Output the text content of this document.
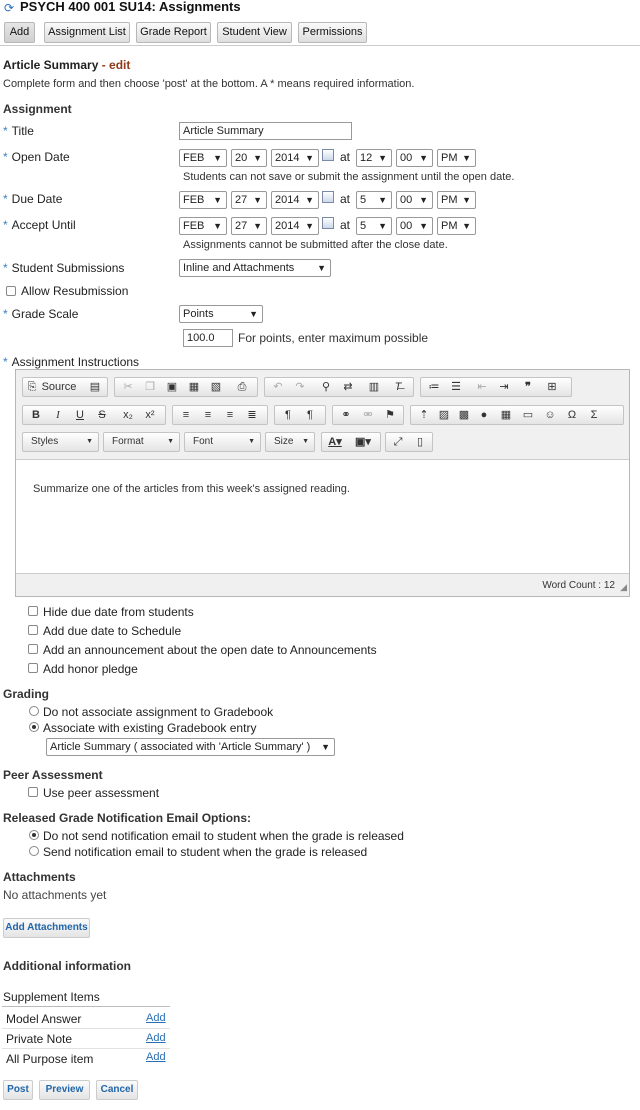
⟳ PSYCH 400 001 SU14: Assignments
Add	Assignment List	Grade Report	Student View	Permissions
Article Summary - edit
Complete form and then choose 'post' at the bottom. A * means required information.
Assignment
* Title	Article Summary
* Open Date	FEB ▼	20 ▼	2014 ▼ at 12 ▼	00 ▼	PM ▼
Students can not save or submit the assignment until the open date.
* Due Date	FEB ▼	27 ▼	2014 ▼ at 5 ▼	00 ▼	PM ▼
* Accept Until	FEB ▼	27 ▼	2014 ▼ at 5 ▼	00 ▼	PM ▼
Assignments cannot be submitted after the close date.
* Student Submissions	Inline and Attachments	▼
Allow Resubmission
* Grade Scale	Points	▼
100.0	For points, enter maximum possible
* Assignment Instructions
⎘ Source	▤	✂	❐	▣	▦	▧	⎙	↶	↷	⚲	⇄	▥	T̶	≔	☰	⇤	⇥	❞	⊞
B	I	U	S	x₂	x²	≡	≡	≡	≣	¶	¶	⚭	⚮	⚑	⇡ ▨ ▩	●	▦	▭	☺	Ω	Σ
Styles	▼	Format	▼	Font	▼	Size ▼ A▾ ▣▾	⤢	▯
Summarize one of the articles from this week's assigned reading.
Word Count : 12 ◢
Hide due date from students
Add due date to Schedule
Add an announcement about the open date to Announcements
Add honor pledge
Grading
Do not associate assignment to Gradebook
Associate with existing Gradebook entry
Article Summary ( associated with 'Article Summary' ) ▼
Peer Assessment
Use peer assessment
Released Grade Notification Email Options:
Do not send notification email to student when the grade is released
Send notification email to student when the grade is released
Attachments
No attachments yet
Add Attachments
Additional information
Supplement Items
Model Answer	Add
Private Note	Add
All Purpose item	Add
Post	Preview	Cancel
